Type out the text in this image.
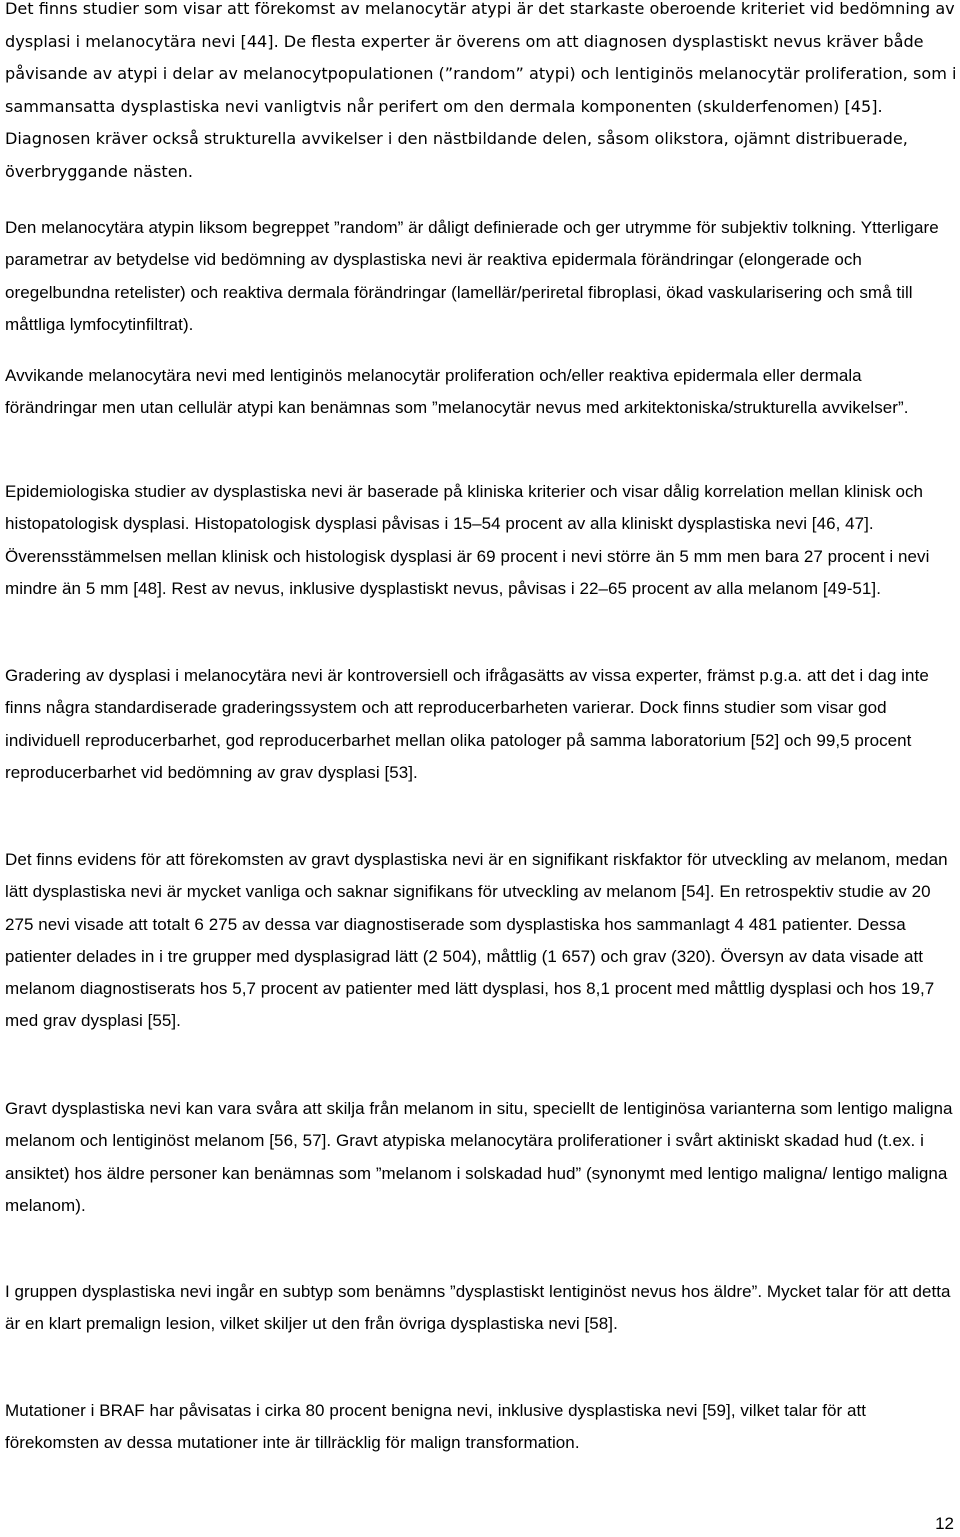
Det finns studier som visar att förekomst av melanocytär atypi är det starkaste oberoende kriteriet vid bedömning av dysplasi i melanocytära nevi [44]. De flesta experter är överens om att diagnosen dysplastiskt nevus kräver både påvisande av atypi i delar av melanocytpopulationen (”random” atypi) och lentiginös melanocytär proliferation, som i sammansatta dysplastiska nevi vanligtvis når perifert om den dermala komponenten (skulderfenomen) [45]. Diagnosen kräver också strukturella avvikelser i den nästbildande delen, såsom olikstora, ojämnt distribuerade, överbryggande nästen.

Den melanocytära atypin liksom begreppet ”random” är dåligt definierade och ger utrymme för subjektiv tolkning. Ytterligare parametrar av betydelse vid bedömning av dysplastiska nevi är reaktiva epidermala förändringar (elongerade och oregelbundna retelister) och reaktiva dermala förändringar (lamellär/periretal fibroplasi, ökad vaskularisering och små till måttliga lymfocytinfiltrat).

Avvikande melanocytära nevi med lentiginös melanocytär proliferation och/eller reaktiva epidermala eller dermala förändringar men utan cellulär atypi kan benämnas som ”melanocytär nevus med arkitektoniska/strukturella avvikelser”.

Epidemiologiska studier av dysplastiska nevi är baserade på kliniska kriterier och visar dålig korrelation mellan klinisk och histopatologisk dysplasi. Histopatologisk dysplasi påvisas i 15–54 procent av alla kliniskt dysplastiska nevi [46, 47]. Överensstämmelsen mellan klinisk och histologisk dysplasi är 69 procent i nevi större än 5 mm men bara 27 procent i nevi mindre än 5 mm [48]. Rest av nevus, inklusive dysplastiskt nevus, påvisas i 22–65 procent av alla melanom [49-51].

Gradering av dysplasi i melanocytära nevi är kontroversiell och ifrågasätts av vissa experter, främst p.g.a. att det i dag inte finns några standardiserade graderingssystem och att reproducerbarheten varierar. Dock finns studier som visar god individuell reproducerbarhet, god reproducerbarhet mellan olika patologer på samma laboratorium [52] och 99,5 procent reproducerbarhet vid bedömning av grav dysplasi [53].

Det finns evidens för att förekomsten av gravt dysplastiska nevi är en signifikant riskfaktor för utveckling av melanom, medan lätt dysplastiska nevi är mycket vanliga och saknar signifikans för utveckling av melanom [54]. En retrospektiv studie av 20 275 nevi visade att totalt 6 275 av dessa var diagnostiserade som dysplastiska hos sammanlagt 4 481 patienter. Dessa patienter delades in i tre grupper med dysplasigrad lätt (2 504), måttlig (1 657) och grav (320). Översyn av data visade att melanom diagnostiserats hos 5,7 procent av patienter med lätt dysplasi, hos 8,1 procent med måttlig dysplasi och hos 19,7 med grav dysplasi [55].

Gravt dysplastiska nevi kan vara svåra att skilja från melanom in situ, speciellt de lentiginösa varianterna som lentigo maligna melanom och lentiginöst melanom [56, 57]. Gravt atypiska melanocytära proliferationer i svårt aktiniskt skadad hud (t.ex. i ansiktet) hos äldre personer kan benämnas som ”melanom i solskadad hud” (synonymt med lentigo maligna/ lentigo maligna melanom).

I gruppen dysplastiska nevi ingår en subtyp som benämns ”dysplastiskt lentiginöst nevus hos äldre”. Mycket talar för att detta är en klart premalign lesion, vilket skiljer ut den från övriga dysplastiska nevi [58].

Mutationer i BRAF har påvisatas i cirka 80 procent benigna nevi, inklusive dysplastiska nevi [59], vilket talar för att förekomsten av dessa mutationer inte är tillräcklig för malign transformation.

12
